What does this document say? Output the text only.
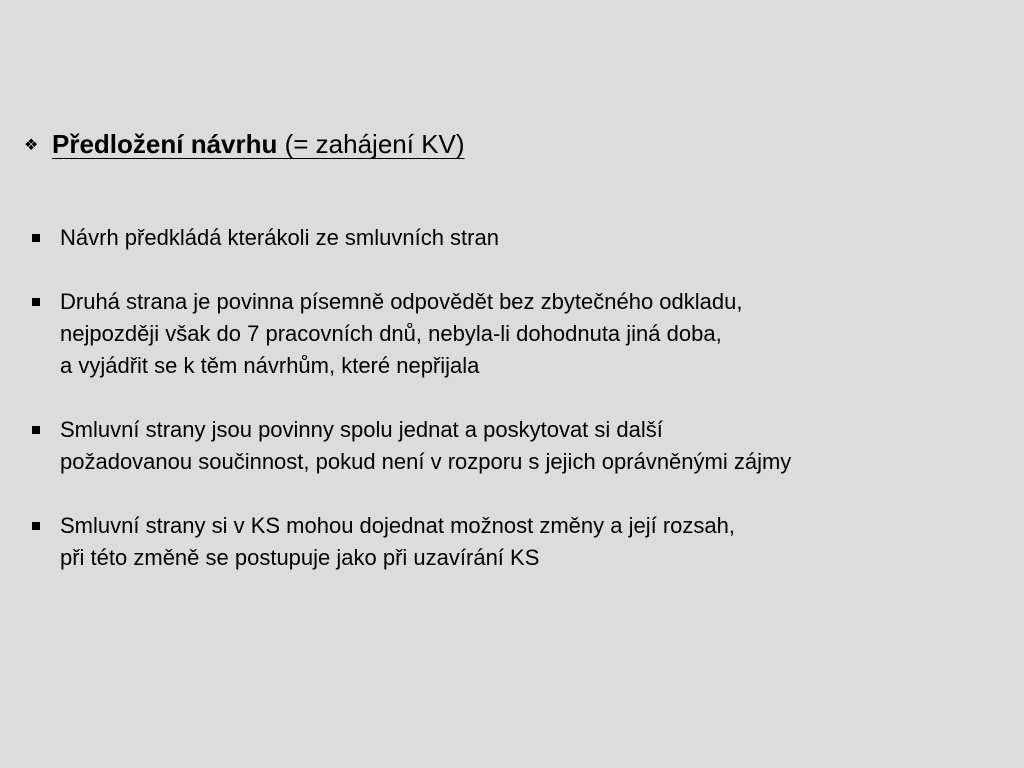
❖ Předložení návrhu (= zahájení KV)
Návrh předkládá kterákoli ze smluvních stran
Druhá strana je povinna písemně odpovědět bez zbytečného odkladu,
nejpozději však do 7 pracovních dnů, nebyla-li dohodnuta jiná doba,
a vyjádřit se k těm návrhům, které nepřijala
Smluvní strany jsou povinny spolu jednat a poskytovat si další
požadovanou součinnost, pokud není v rozporu s jejich oprávněnými zájmy
Smluvní strany si v KS mohou dojednat možnost změny a její rozsah,
při této změně se postupuje jako při uzavírání KS
